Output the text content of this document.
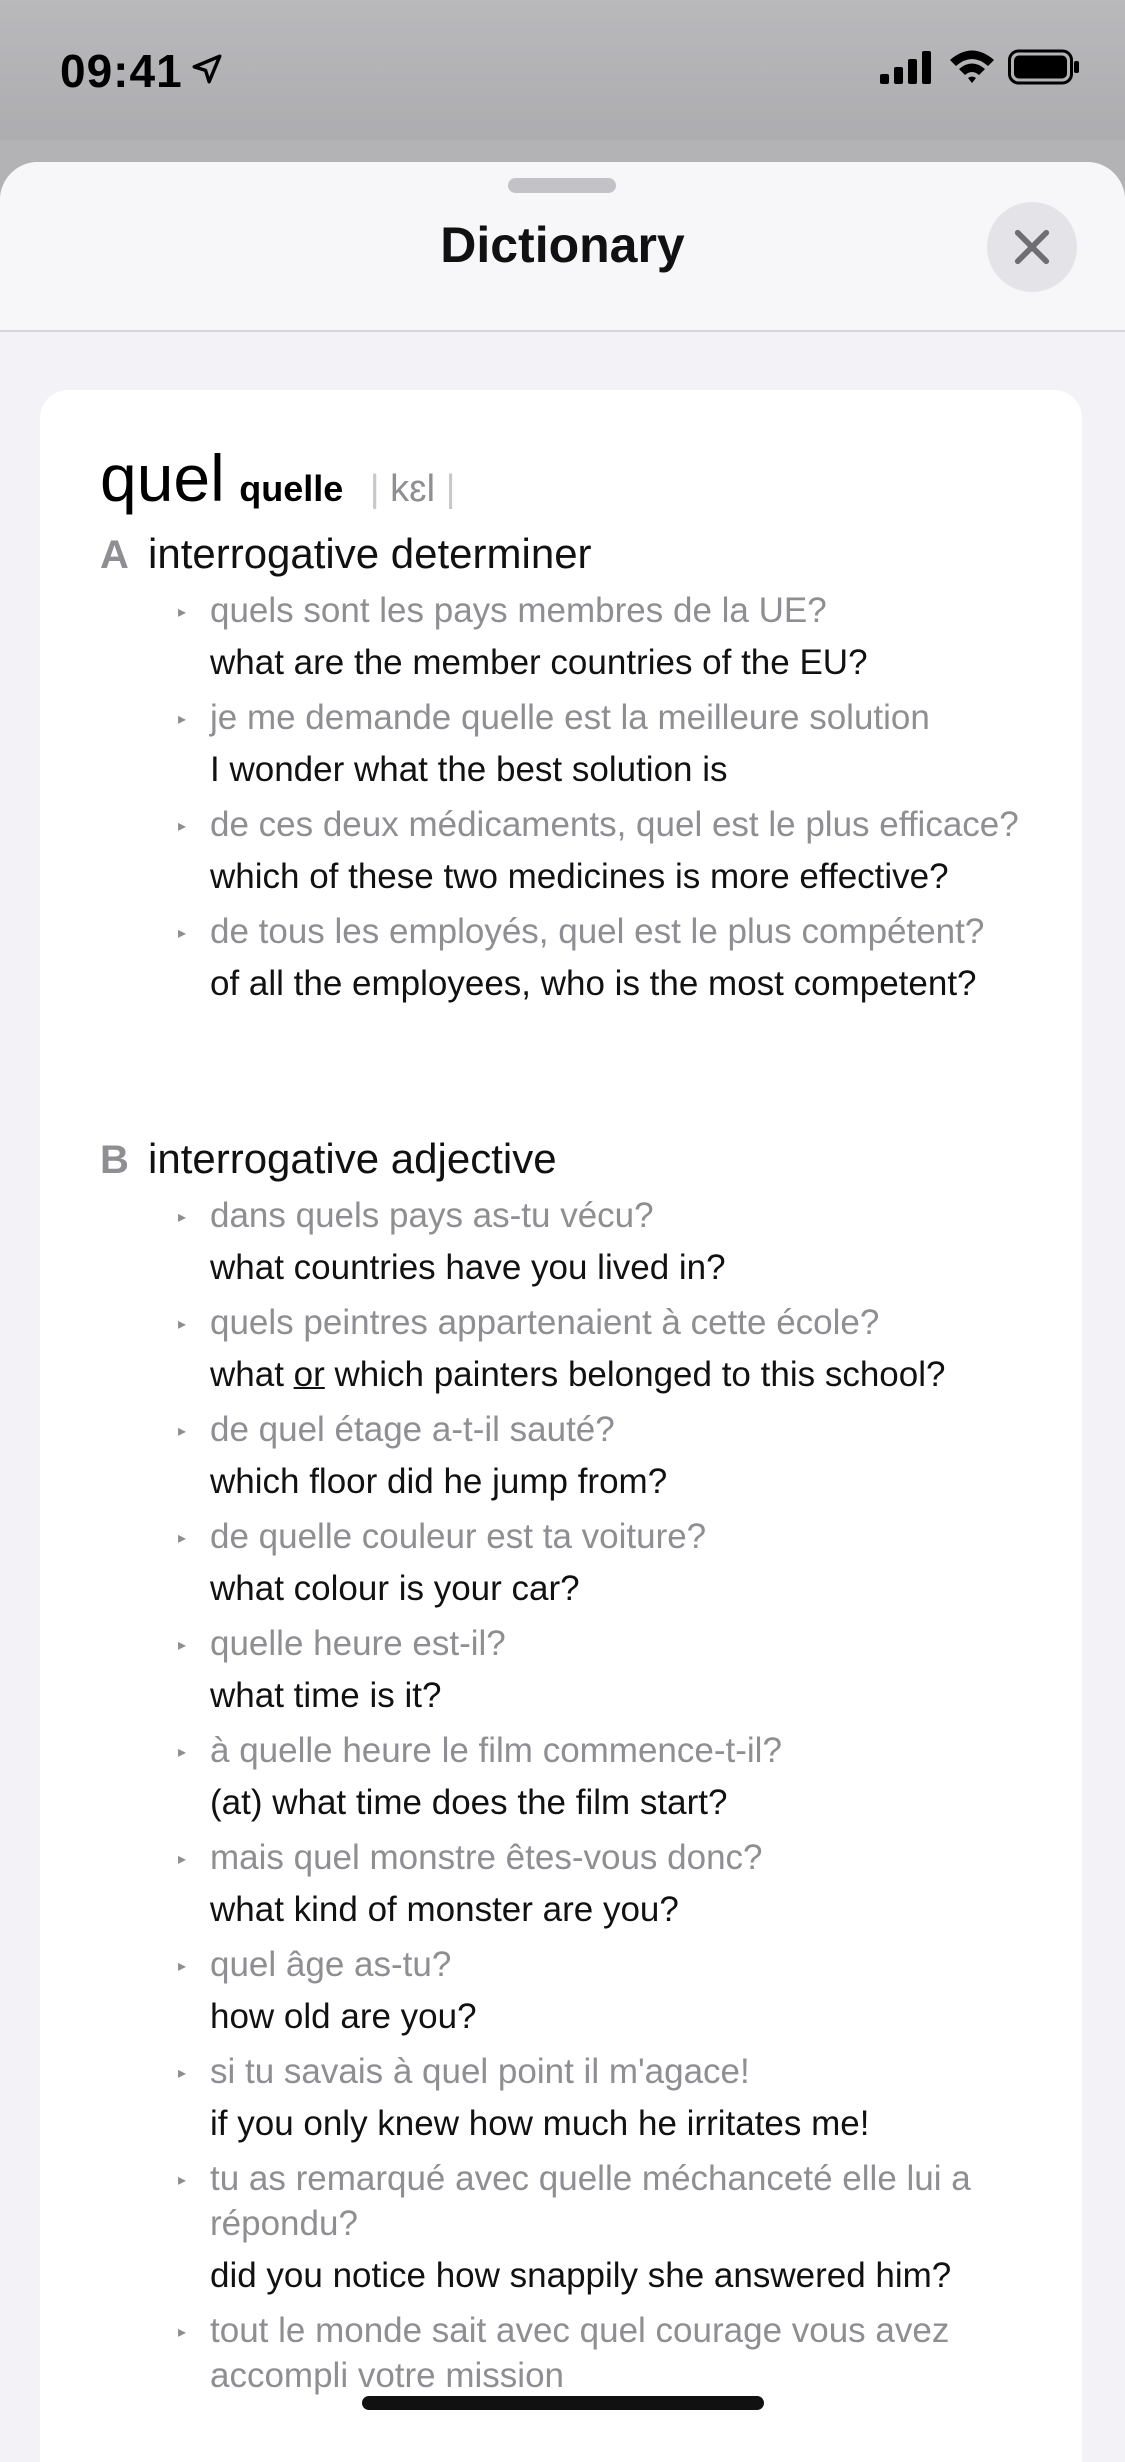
09:41
Dictionary
quel quelle | kɛl |
A interrogative determiner
▸ quels sont les pays membres de la UE?
what are the member countries of the EU?
▸ je me demande quelle est la meilleure solution
I wonder what the best solution is
▸ de ces deux médicaments, quel est le plus efficace?
which of these two medicines is more effective?
▸ de tous les employés, quel est le plus compétent?
of all the employees, who is the most competent?
B interrogative adjective
▸ dans quels pays as-tu vécu?
what countries have you lived in?
▸ quels peintres appartenaient à cette école?
what or which painters belonged to this school?
▸ de quel étage a-t-il sauté?
which floor did he jump from?
▸ de quelle couleur est ta voiture?
what colour is your car?
▸ quelle heure est-il?
what time is it?
▸ à quelle heure le film commence-t-il?
(at) what time does the film start?
▸ mais quel monstre êtes-vous donc?
what kind of monster are you?
▸ quel âge as-tu?
how old are you?
▸ si tu savais à quel point il m'agace!
if you only knew how much he irritates me!
▸ tu as remarqué avec quelle méchanceté elle lui a répondu?
did you notice how snappily she answered him?
▸ tout le monde sait avec quel courage vous avez accompli votre mission
